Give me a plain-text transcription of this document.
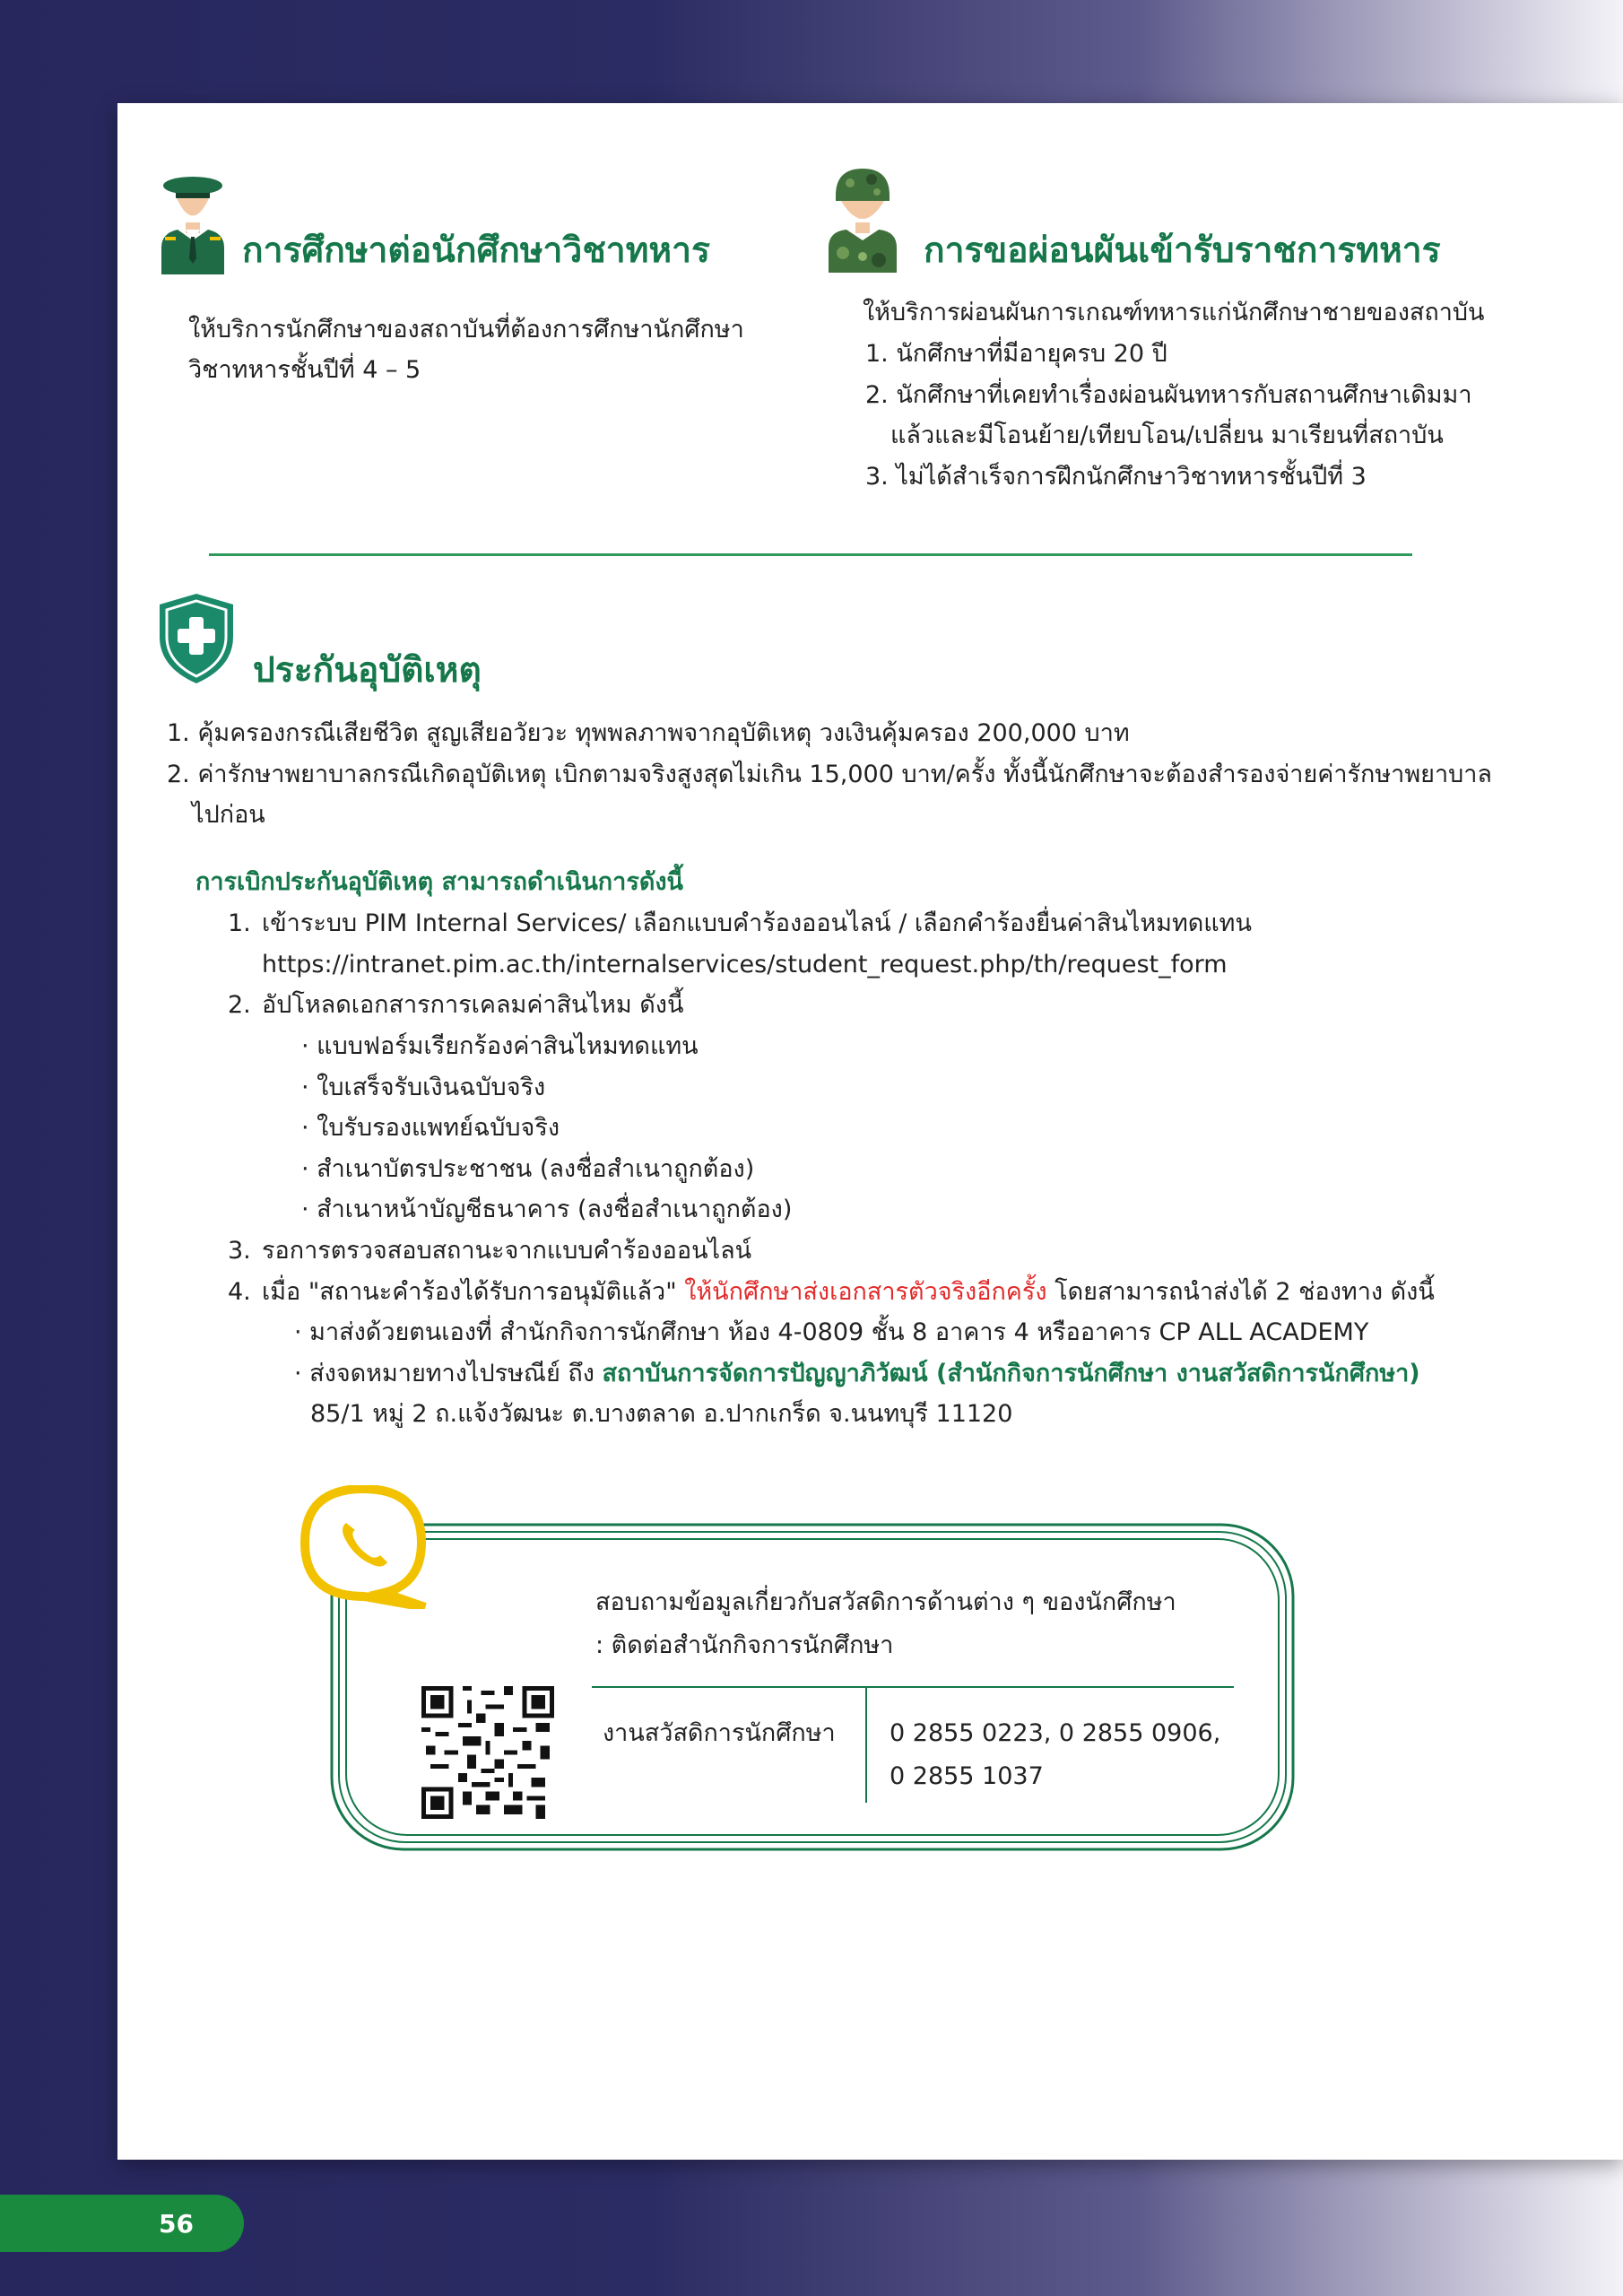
การศึกษาต่อนักศึกษาวิชาทหาร
ให้บริการนักศึกษาของสถาบันที่ต้องการศึกษานักศึกษา
วิชาทหารชั้นปีที่ 4 – 5
การขอผ่อนผันเข้ารับราชการทหาร
ให้บริการผ่อนผันการเกณฑ์ทหารแก่นักศึกษาชายของสถาบัน
1. นักศึกษาที่มีอายุครบ 20 ปี
2. นักศึกษาที่เคยทำเรื่องผ่อนผันทหารกับสถานศึกษาเดิมมา
แล้วและมีโอนย้าย/เทียบโอน/เปลี่ยน มาเรียนที่สถาบัน
3. ไม่ได้สำเร็จการฝึกนักศึกษาวิชาทหารชั้นปีที่ 3
ประกันอุบัติเหตุ
1. คุ้มครองกรณีเสียชีวิต สูญเสียอวัยวะ ทุพพลภาพจากอุบัติเหตุ วงเงินคุ้มครอง 200,000 บาท
2. ค่ารักษาพยาบาลกรณีเกิดอุบัติเหตุ เบิกตามจริงสูงสุดไม่เกิน 15,000 บาท/ครั้ง ทั้งนี้นักศึกษาจะต้องสำรองจ่ายค่ารักษาพยาบาล
ไปก่อน
การเบิกประกันอุบัติเหตุ สามารถดำเนินการดังนี้
1. เข้าระบบ PIM Internal Services/ เลือกแบบคำร้องออนไลน์ / เลือกคำร้องยื่นค่าสินไหมทดแทน
https://intranet.pim.ac.th/internalservices/student_request.php/th/request_form
2. อัปโหลดเอกสารการเคลมค่าสินไหม ดังนี้
· แบบฟอร์มเรียกร้องค่าสินไหมทดแทน
· ใบเสร็จรับเงินฉบับจริง
· ใบรับรองแพทย์ฉบับจริง
· สำเนาบัตรประชาชน (ลงชื่อสำเนาถูกต้อง)
· สำเนาหน้าบัญชีธนาคาร (ลงชื่อสำเนาถูกต้อง)
3. รอการตรวจสอบสถานะจากแบบคำร้องออนไลน์
4. เมื่อ "สถานะคำร้องได้รับการอนุมัติแล้ว" ให้นักศึกษาส่งเอกสารตัวจริงอีกครั้ง โดยสามารถนำส่งได้ 2 ช่องทาง ดังนี้
· มาส่งด้วยตนเองที่ สำนักกิจการนักศึกษา ห้อง 4-0809 ชั้น 8 อาคาร 4 หรืออาคาร CP ALL ACADEMY
· ส่งจดหมายทางไปรษณีย์ ถึง สถาบันการจัดการปัญญาภิวัฒน์ (สำนักกิจการนักศึกษา งานสวัสดิการนักศึกษา)
85/1 หมู่ 2 ถ.แจ้งวัฒนะ ต.บางตลาด อ.ปากเกร็ด จ.นนทบุรี 11120
สอบถามข้อมูลเกี่ยวกับสวัสดิการด้านต่าง ๆ ของนักศึกษา
: ติดต่อสำนักกิจการนักศึกษา
งานสวัสดิการนักศึกษา 0 2855 0223, 0 2855 0906,
0 2855 1037
56
